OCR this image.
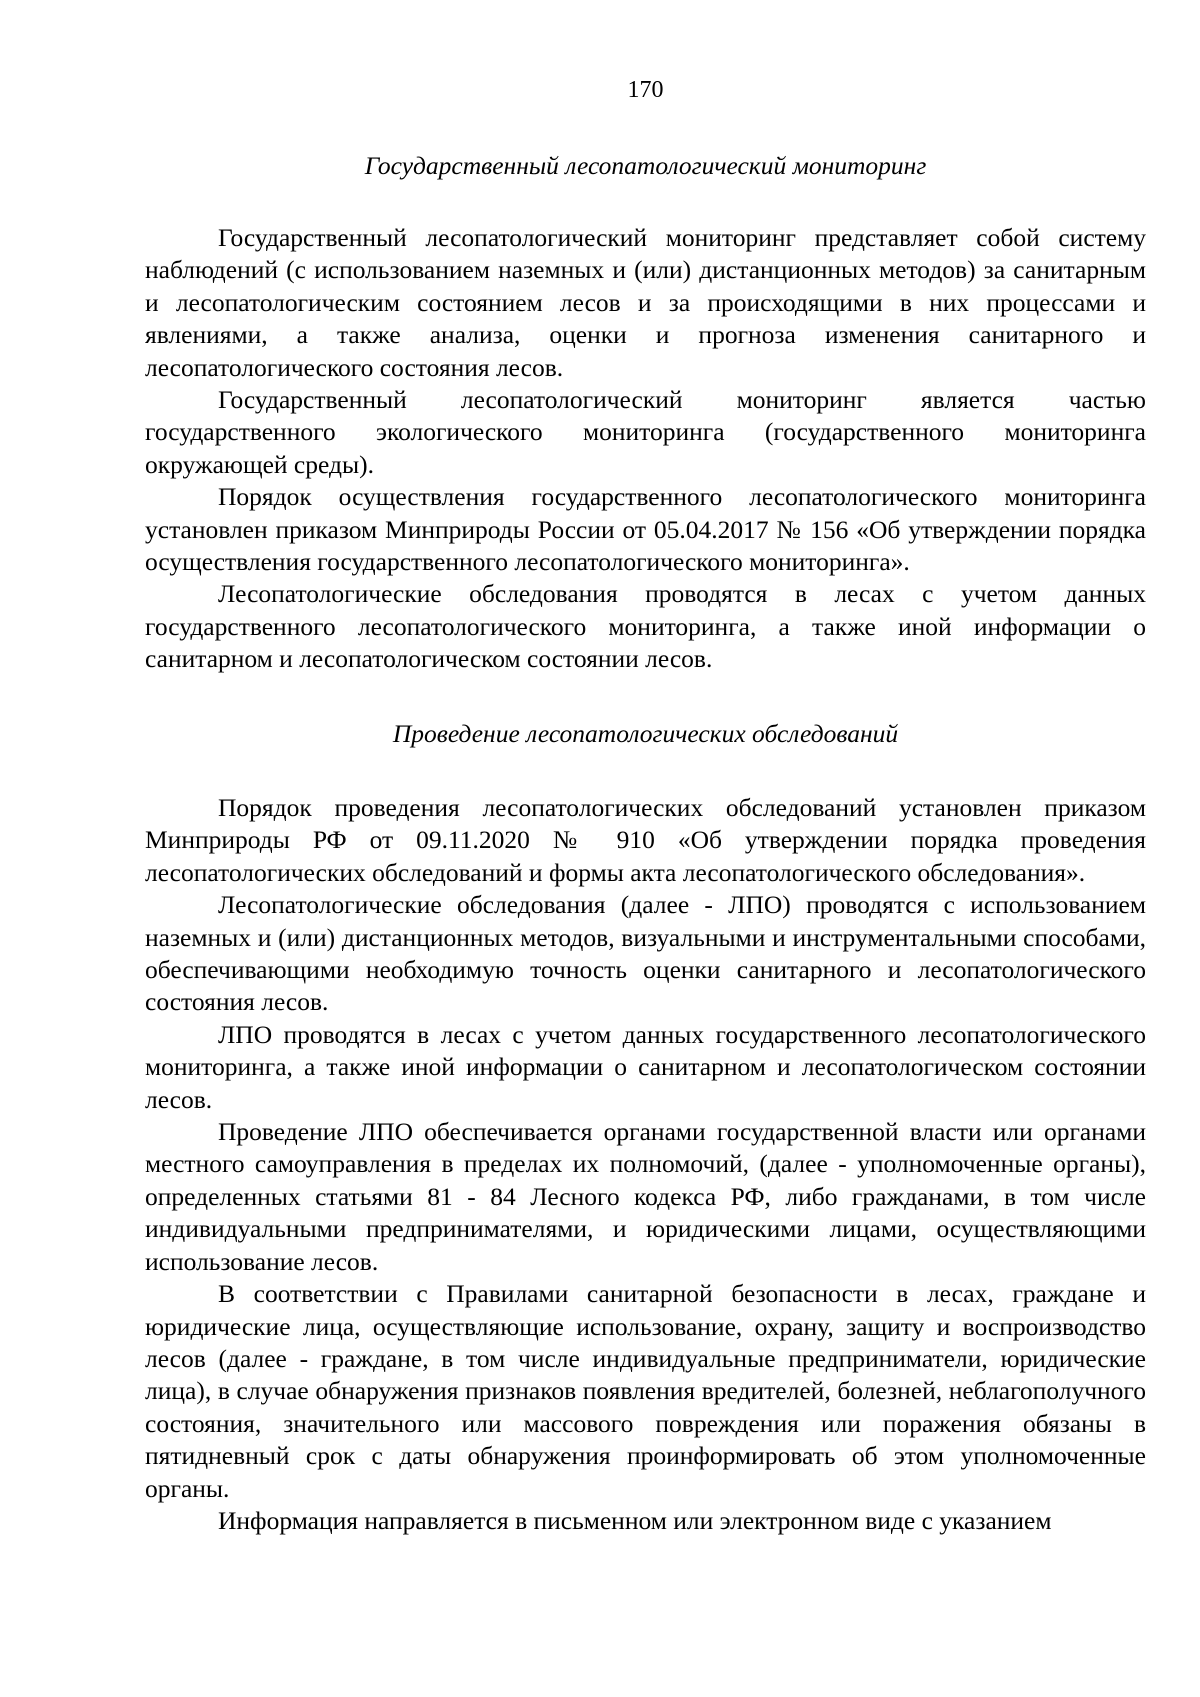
170
Государственный лесопатологический мониторинг

Государственный лесопатологический мониторинг представляет собой систему наблюдений (с использованием наземных и (или) дистанционных методов) за санитарным и лесопатологическим состоянием лесов и за происходящими в них процессами и явлениями, а также анализа, оценки и прогноза изменения санитарного и лесопатологического состояния лесов.

Государственный лесопатологический мониторинг является частью государственного экологического мониторинга (государственного мониторинга окружающей среды).

Порядок осуществления государственного лесопатологического мониторинга установлен приказом Минприроды России от 05.04.2017 № 156 «Об утверждении порядка осуществления государственного лесопатологического мониторинга».

Лесопатологические обследования проводятся в лесах с учетом данных государственного лесопатологического мониторинга, а также иной информации о санитарном и лесопатологическом состоянии лесов.

Проведение лесопатологических обследований

Порядок проведения лесопатологических обследований установлен приказом Минприроды РФ от 09.11.2020 № 910 «Об утверждении порядка проведения лесопатологических обследований и формы акта лесопатологического обследования».

Лесопатологические обследования (далее - ЛПО) проводятся с использованием наземных и (или) дистанционных методов, визуальными и инструментальными способами, обеспечивающими необходимую точность оценки санитарного и лесопатологического состояния лесов.

ЛПО проводятся в лесах с учетом данных государственного лесопатологического мониторинга, а также иной информации о санитарном и лесопатологическом состоянии лесов.

Проведение ЛПО обеспечивается органами государственной власти или органами местного самоуправления в пределах их полномочий, (далее - уполномоченные органы), определенных статьями 81 - 84 Лесного кодекса РФ, либо гражданами, в том числе индивидуальными предпринимателями, и юридическими лицами, осуществляющими использование лесов.

В соответствии с Правилами санитарной безопасности в лесах, граждане и юридические лица, осуществляющие использование, охрану, защиту и воспроизводство лесов (далее - граждане, в том числе индивидуальные предприниматели, юридические лица), в случае обнаружения признаков появления вредителей, болезней, неблагополучного состояния, значительного или массового повреждения или поражения обязаны в пятидневный срок с даты обнаружения проинформировать об этом уполномоченные органы.

Информация направляется в письменном или электронном виде с указанием
